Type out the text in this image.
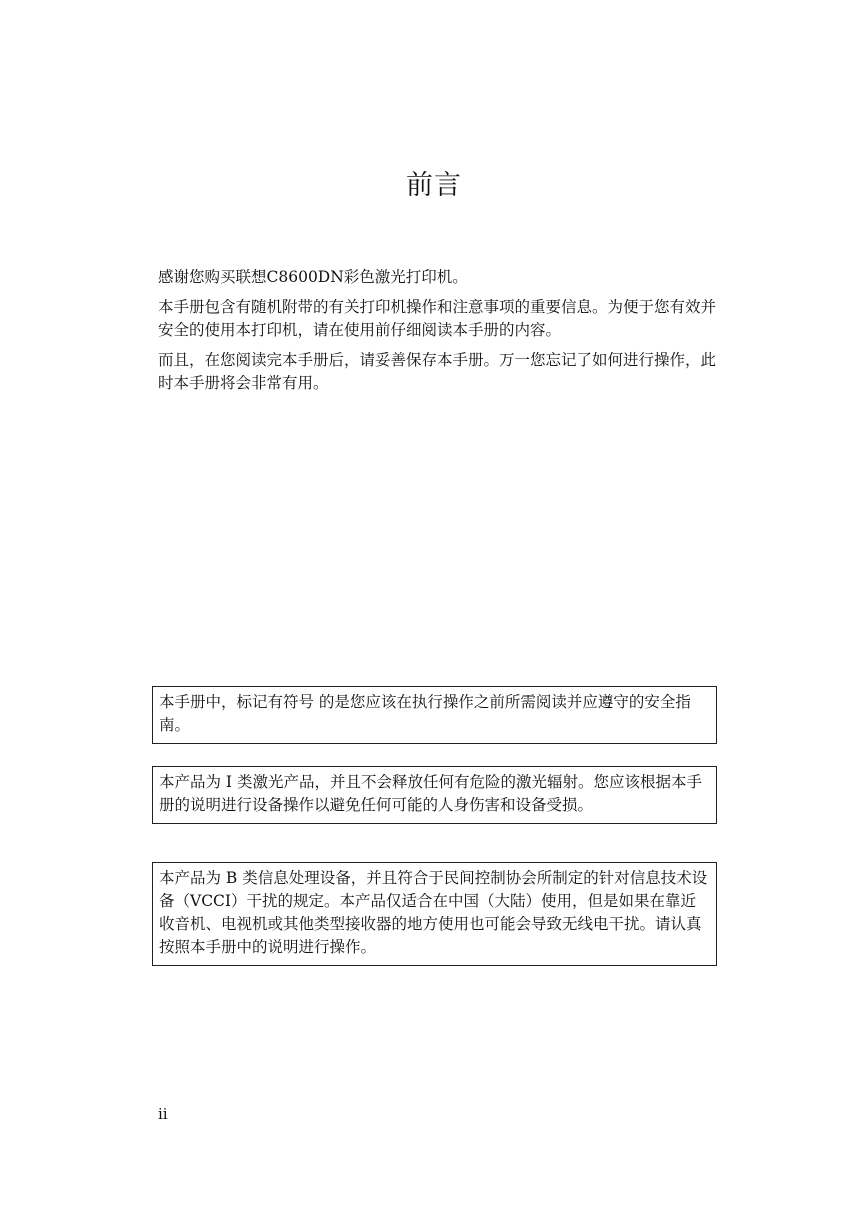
前言

感谢您购买联想C8600DN彩色激光打印机。

本手册包含有随机附带的有关打印机操作和注意事项的重要信息。为便于您有效并安全的使用本打印机，请在使用前仔细阅读本手册的内容。

而且，在您阅读完本手册后，请妥善保存本手册。万一您忘记了如何进行操作，此时本手册将会非常有用。

本手册中，标记有符号 的是您应该在执行操作之前所需阅读并应遵守的安全指南。
本产品为 I 类激光产品，并且不会释放任何有危险的激光辐射。您应该根据本手册的说明进行设备操作以避免任何可能的人身伤害和设备受损。
本产品为 B 类信息处理设备，并且符合于民间控制协会所制定的针对信息技术设备（VCCI）干扰的规定。本产品仅适合在中国（大陆）使用，但是如果在靠近收音机、电视机或其他类型接收器的地方使用也可能会导致无线电干扰。请认真按照本手册中的说明进行操作。
ii
